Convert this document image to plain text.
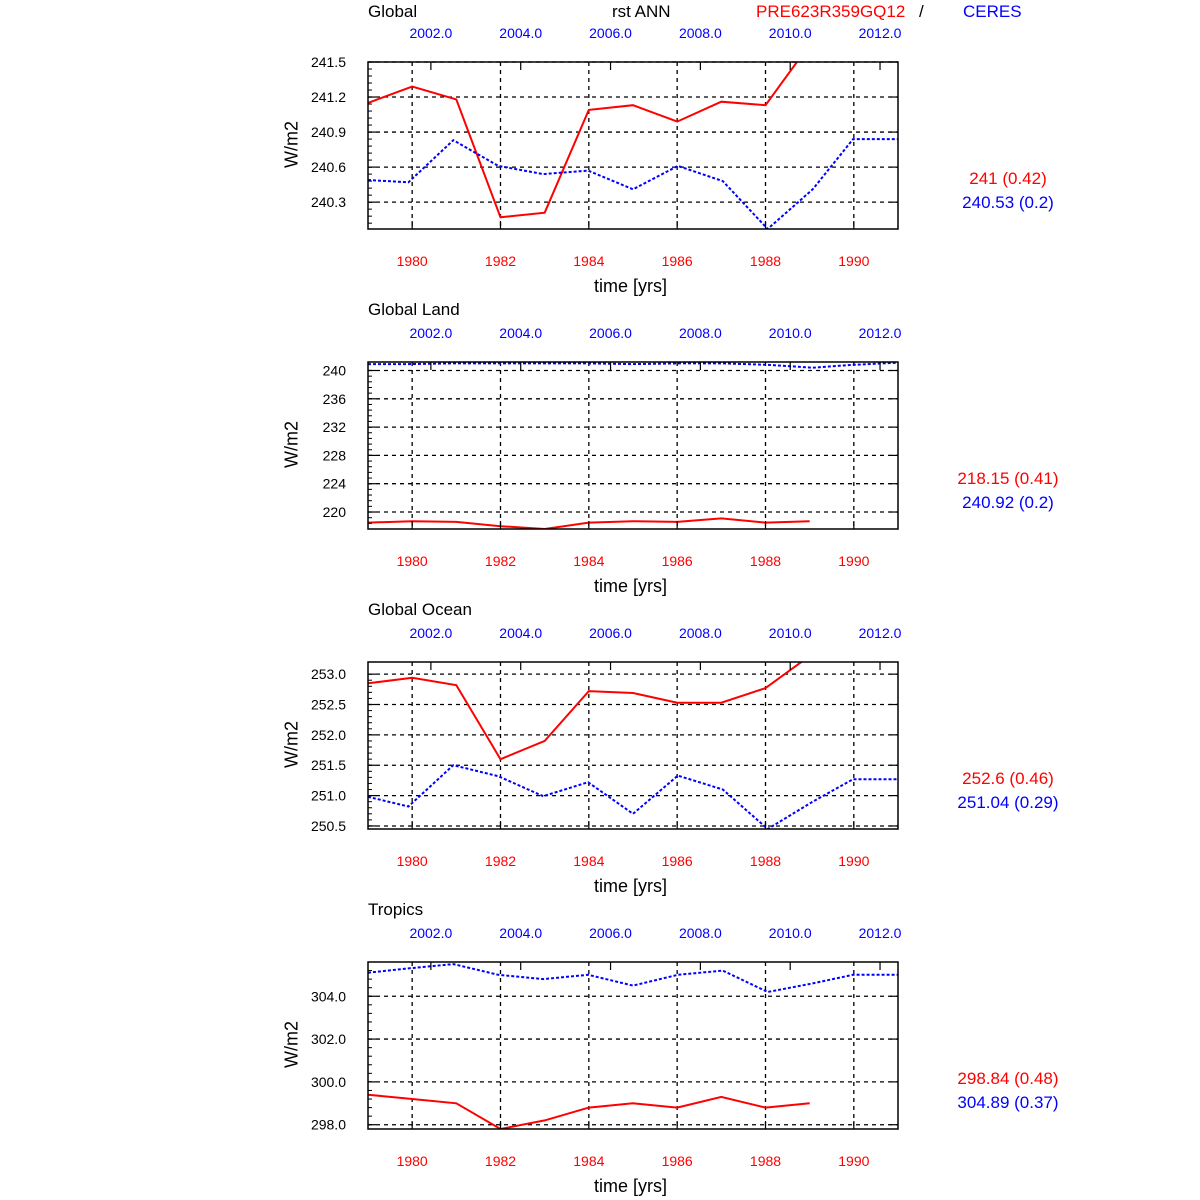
Global	rst ANN	PRE623R359GQ12 / CERES
240.3
240.6
240.9
241.2
241.5
1980	1982	1984	1986	1988	1990
2002.0	2004.0	2006.0	2008.0	2010.0	2012.0
W/m2
time [yrs]
241 (0.42)
240.53 (0.2)
Global Land
220
224
228
232
236
240
1980	1982	1984	1986	1988	1990
2002.0	2004.0	2006.0	2008.0	2010.0	2012.0
W/m2
time [yrs]
218.15 (0.41)
240.92 (0.2)
Global Ocean
250.5
251.0
251.5
252.0
252.5
253.0
1980	1982	1984	1986	1988	1990
2002.0	2004.0	2006.0	2008.0	2010.0	2012.0
W/m2
time [yrs]
252.6 (0.46)
251.04 (0.29)
Tropics
298.0
300.0
302.0
304.0
1980	1982	1984	1986	1988	1990
2002.0	2004.0	2006.0	2008.0	2010.0	2012.0
W/m2
time [yrs]
298.84 (0.48)
304.89 (0.37)
